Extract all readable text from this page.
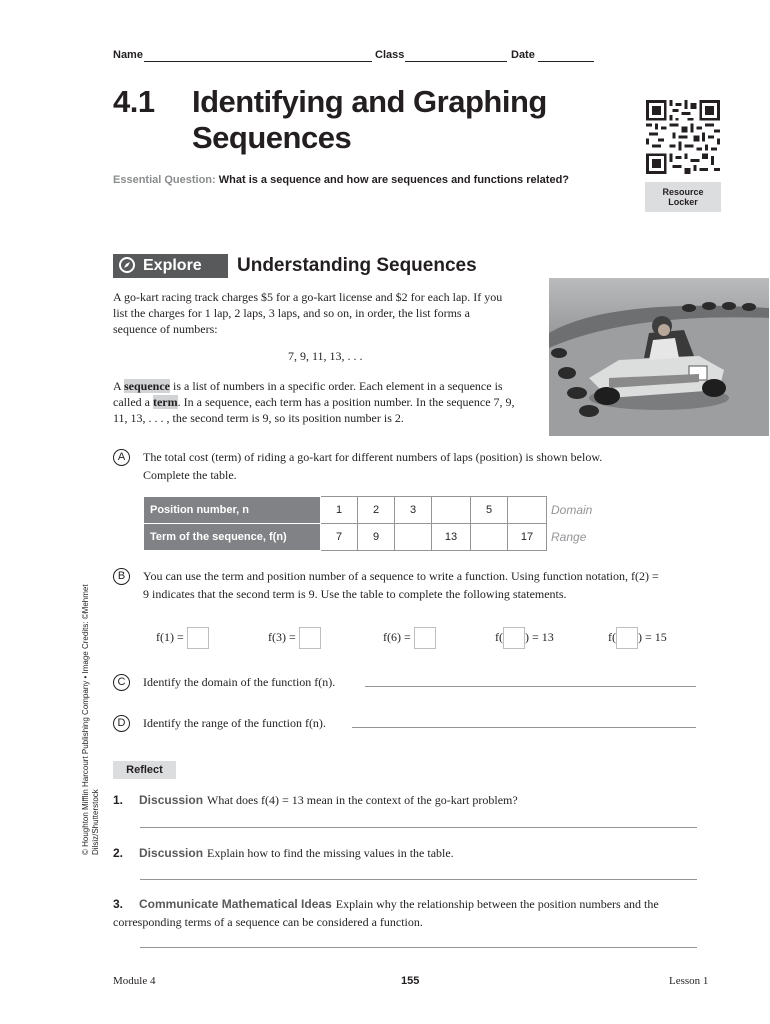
Name	Class	Date
4.1 Identifying and Graphing
Sequences
Essential Question: What is a sequence and how are sequences and functions related?
Resource
Locker
Explore	Understanding Sequences
A go-kart racing track charges $5 for a go-kart license and $2 for each lap. If you list the charges for 1 lap, 2 laps, 3 laps, and so on, in order, the list forms a sequence of numbers:
7, 9, 11, 13, . . .
A sequence is a list of numbers in a specific order. Each element in a sequence is called a term. In a sequence, each term has a position number. In the sequence 7, 9, 11, 13, . . . , the second term is 9, so its position number is 2.
A	The total cost (term) of riding a go-kart for different numbers of laps (position) is shown below. Complete the table.
Position number, n	1	2	3		5		Domain
Term of the sequence, f(n)	7	9		13		17	Range
B	You can use the term and position number of a sequence to write a function. Using function notation, f(2) = 9 indicates that the second term is 9. Use the table to complete the following statements.
f(1) =	f(3) =	f(6) =	f( ) = 13	f( ) = 15
C	Identify the domain of the function f(n).
D	Identify the range of the function f(n).
Reflect
1. Discussion What does f(4) = 13 mean in the context of the go-kart problem?
2. Discussion Explain how to find the missing values in the table.
3. Communicate Mathematical Ideas Explain why the relationship between the position numbers and the corresponding terms of a sequence can be considered a function.
© Houghton Mifflin Harcourt Publishing Company • Image Credits: ©Mehmet Dilsiz/Shutterstock
Module 4	155	Lesson 1
